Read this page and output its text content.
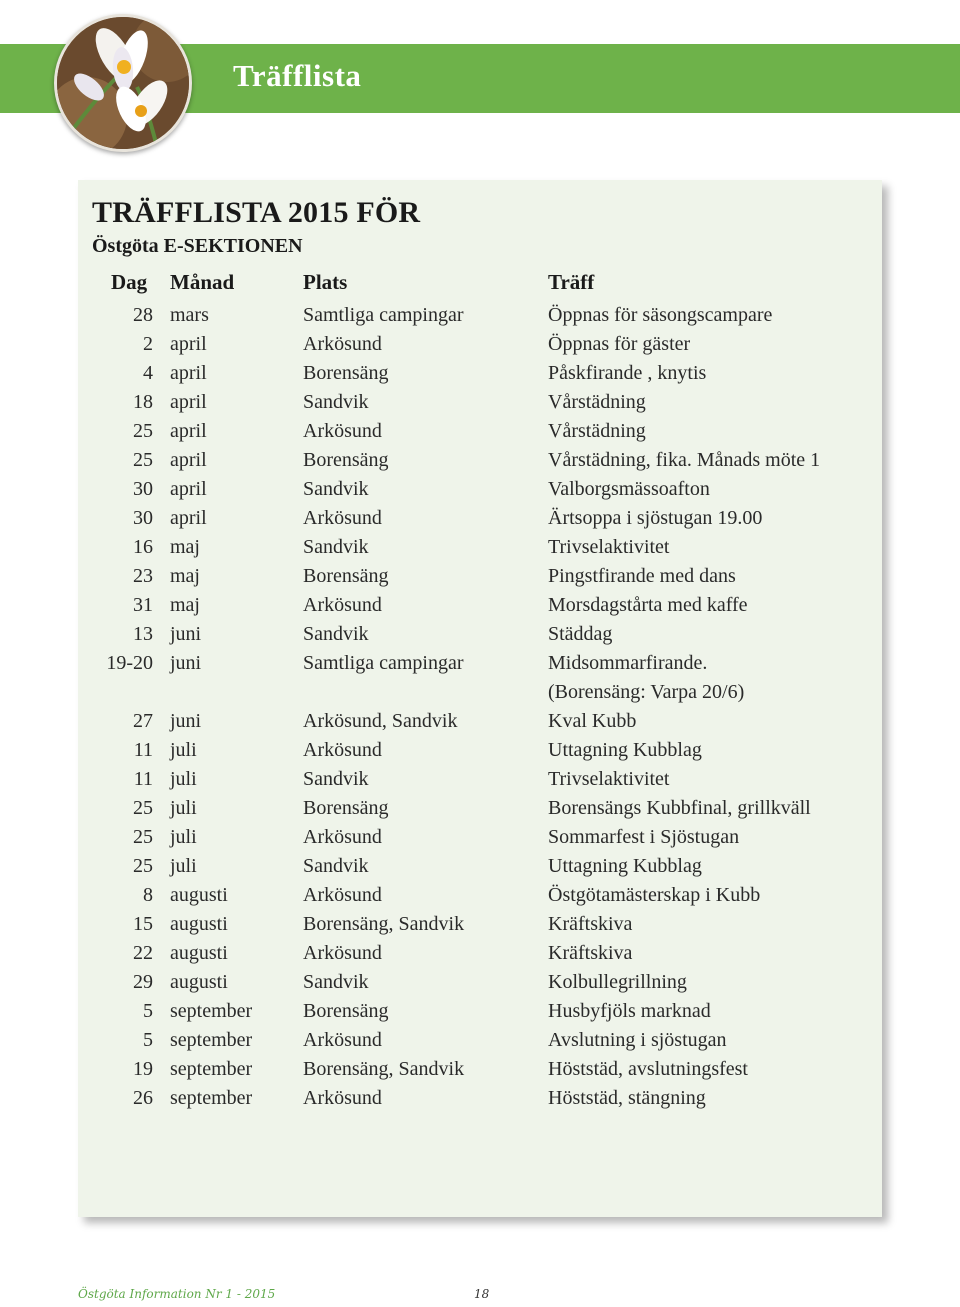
Träfflista
TRÄFFLISTA 2015 FÖR
Östgöta E-SEKTIONEN
Dag Månad	Plats	Träff
28 mars	Samtliga campingar	Öppnas för säsongscampare
2 april	Arkösund	Öppnas för gäster
4 april	Borensäng	Påskfirande , knytis
18 april	Sandvik	Vårstädning
25 april	Arkösund	Vårstädning
25 april	Borensäng	Vårstädning, fika. Månads möte 1
30 april	Sandvik	Valborgsmässoafton
30 april	Arkösund	Ärtsoppa i sjöstugan 19.00
16 maj	Sandvik	Trivselaktivitet
23 maj	Borensäng	Pingstfirande med dans
31 maj	Arkösund	Morsdagstårta med kaffe
13 juni	Sandvik	Städdag
19-20 juni	Samtliga campingar	Midsommarfirande.
(Borensäng: Varpa 20/6)
27 juni	Arkösund, Sandvik	Kval Kubb
11 juli	Arkösund	Uttagning Kubblag
11 juli	Sandvik	Trivselaktivitet
25 juli	Borensäng	Borensängs Kubbfinal, grillkväll
25 juli	Arkösund	Sommarfest i Sjöstugan
25 juli	Sandvik	Uttagning Kubblag
8 augusti	Arkösund	Östgötamästerskap i Kubb
15 augusti	Borensäng, Sandvik	Kräftskiva
22 augusti	Arkösund	Kräftskiva
29 augusti	Sandvik	Kolbullegrillning
5 september	Borensäng	Husbyfjöls marknad
5 september	Arkösund	Avslutning i sjöstugan
19 september	Borensäng, Sandvik	Höststäd, avslutningsfest
26 september	Arkösund	Höststäd, stängning
Östgöta Information Nr 1 - 2015	18
